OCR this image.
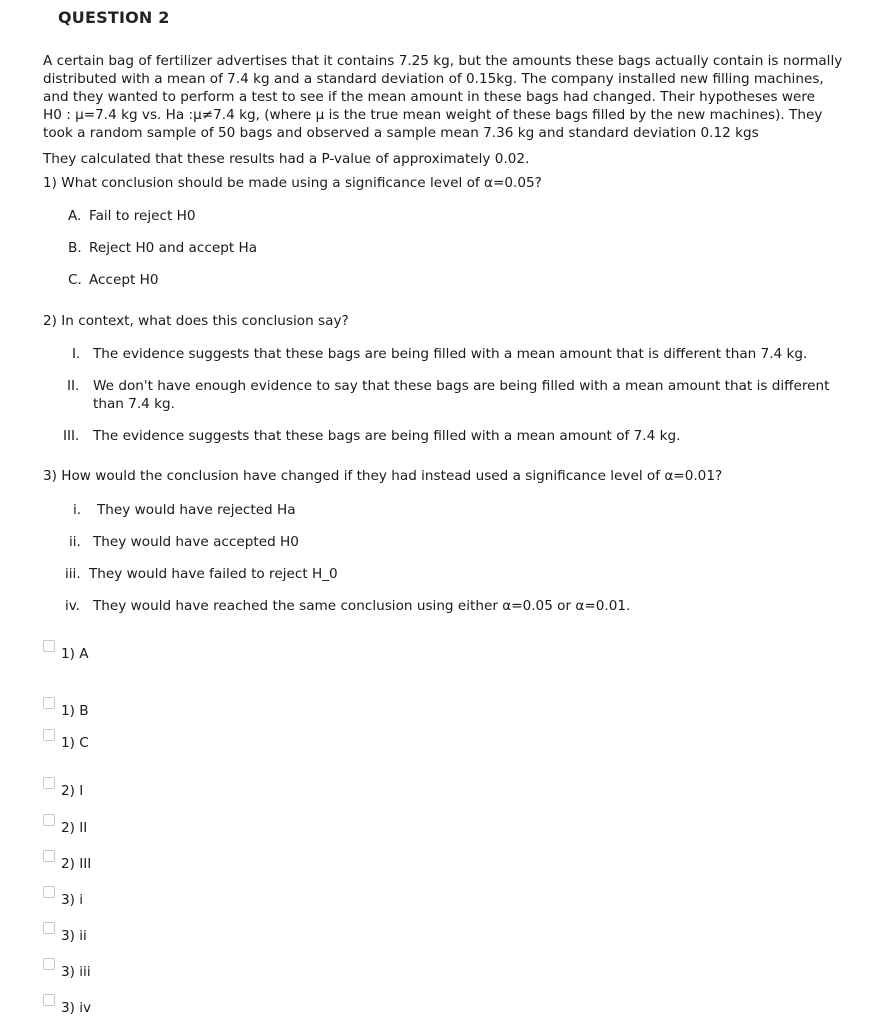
QUESTION 2
A certain bag of fertilizer advertises that it contains 7.25 kg, but the amounts these bags actually contain is normally
distributed with a mean of 7.4 kg and a standard deviation of 0.15kg. The company installed new filling machines,
and they wanted to perform a test to see if the mean amount in these bags had changed. Their hypotheses were
H0 : μ=7.4 kg vs. Ha :μ≠7.4 kg, (where μ is the true mean weight of these bags filled by the new machines). They
took a random sample of 50 bags and observed a sample mean 7.36 kg and standard deviation 0.12 kgs
They calculated that these results had a P-value of approximately 0.02.
1) What conclusion should be made using a significance level of α=0.05?
A. Fail to reject H0
B. Reject H0 and accept Ha
C. Accept H0
2) In context, what does this conclusion say?
I. The evidence suggests that these bags are being filled with a mean amount that is different than 7.4 kg.
II. We don't have enough evidence to say that these bags are being filled with a mean amount that is different than 7.4 kg.
III. The evidence suggests that these bags are being filled with a mean amount of 7.4 kg.
3) How would the conclusion have changed if they had instead used a significance level of α=0.01?
i. They would have rejected Ha
ii. They would have accepted H0
iii. They would have failed to reject H_0
iv. They would have reached the same conclusion using either α=0.05 or α=0.01.
1) A
1) B
1) C
2) I
2) II
2) III
3) i
3) ii
3) iii
3) iv
